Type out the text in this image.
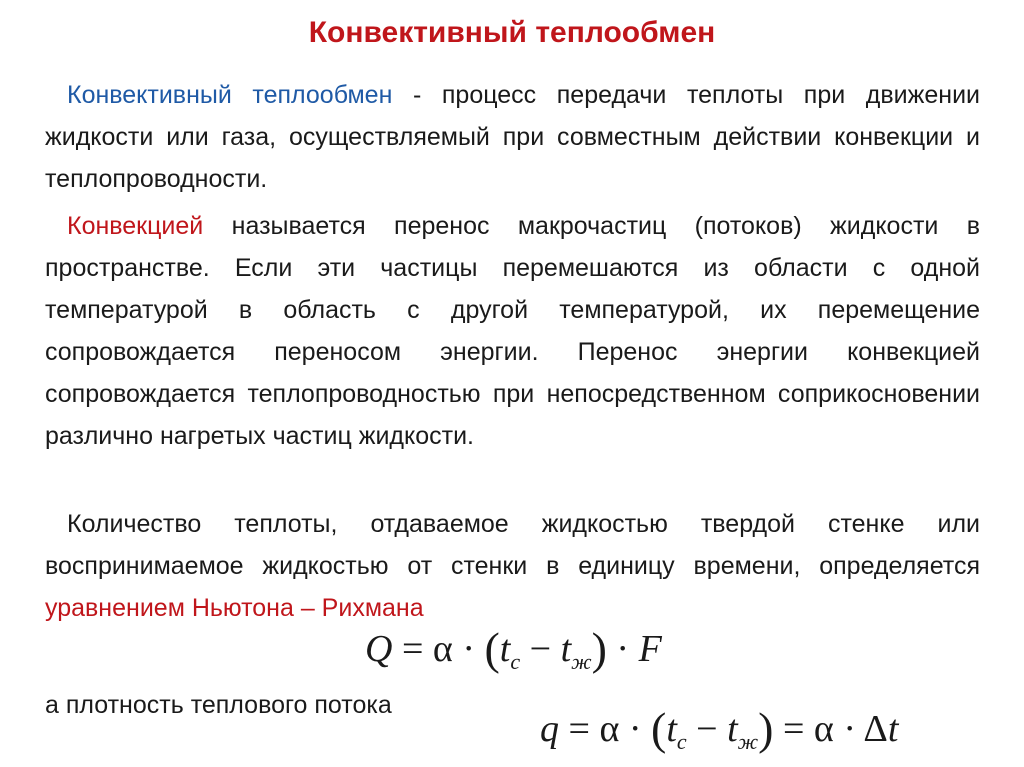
Конвективный теплообмен
Конвективный теплообмен - процесс передачи теплоты при движении жидкости или газа, осуществляемый при совместным действии конвекции и теплопроводности.
Конвекцией называется перенос макрочастиц (потоков) жидкости в пространстве. Если эти частицы перемешаются из области с одной температурой в область с другой температурой, их перемещение сопровождается переносом энергии. Перенос энергии конвекцией сопровождается теплопроводностью при непосредственном соприкосновении различно нагретых частиц жидкости.
Количество теплоты, отдаваемое жидкостью твердой стенке или воспринимаемое жидкостью от стенки в единицу времени, определяется уравнением Ньютона – Рихмана
$Q = \alpha \cdot (t_с - t_ж) \cdot F$
а плотность теплового потока
$q = \alpha \cdot (t_с - t_ж) = \alpha \cdot \Delta t$
